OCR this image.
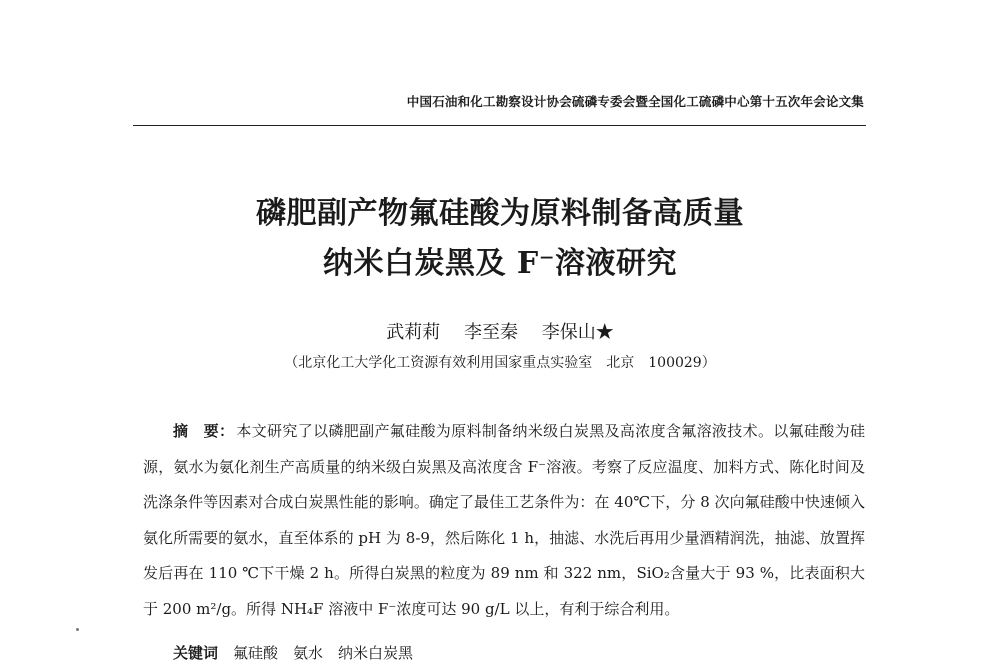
中国石油和化工勘察设计协会硫磷专委会暨全国化工硫磷中心第十五次年会论文集
磷肥副产物氟硅酸为原料制备高质量
纳米白炭黑及 F⁻溶液研究
武莉莉 李至秦 李保山★
（北京化工大学化工资源有效利用国家重点实验室　北京　100029）

摘　要： 本文研究了以磷肥副产氟硅酸为原料制备纳米级白炭黑及高浓度含氟溶液技术。以氟硅酸为硅源，氨水为氨化剂生产高质量的纳米级白炭黑及高浓度含 F⁻溶液。考察了反应温度、加料方式、陈化时间及洗涤条件等因素对合成白炭黑性能的影响。确定了最佳工艺条件为：在 40℃下，分 8 次向氟硅酸中快速倾入氨化所需要的氨水，直至体系的 pH 为 8-9，然后陈化 1 h，抽滤、水洗后再用少量酒精润洗，抽滤、放置挥发后再在 110 ℃下干燥 2 h。所得白炭黑的粒度为 89 nm 和 322 nm，SiO₂含量大于 93 %，比表面积大于 200 m²/g。所得 NH₄F 溶液中 F⁻浓度可达 90 g/L 以上，有利于综合利用。

关键词　氟硅酸　氨水　纳米白炭黑
